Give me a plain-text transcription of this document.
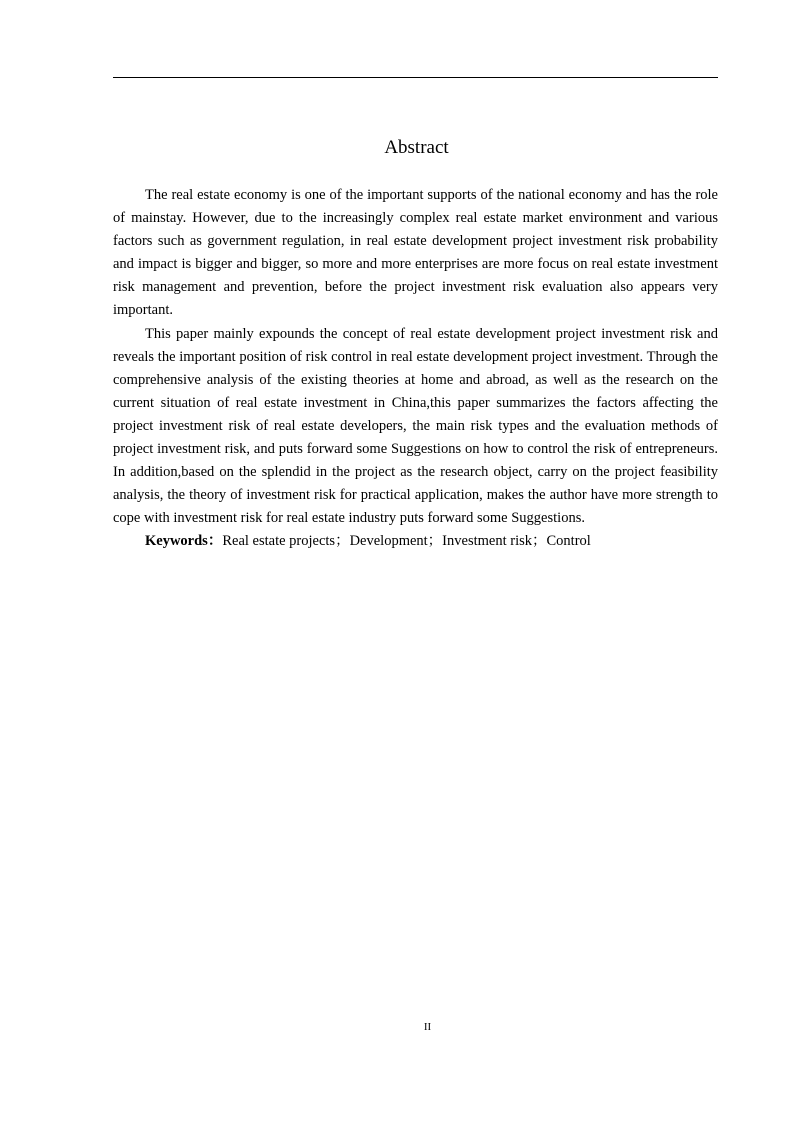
Abstract

The real estate economy is one of the important supports of the national economy and has the role of mainstay. However, due to the increasingly complex real estate market environment and various factors such as government regulation, in real estate development project investment risk probability and impact is bigger and bigger, so more and more enterprises are more focus on real estate investment risk management and prevention, before the project investment risk evaluation also appears very important.

This paper mainly expounds the concept of real estate development project investment risk and reveals the important position of risk control in real estate development project investment. Through the comprehensive analysis of the existing theories at home and abroad, as well as the research on the current situation of real estate investment in China,this paper summarizes the factors affecting the project investment risk of real estate developers, the main risk types and the evaluation methods of project investment risk, and puts forward some Suggestions on how to control the risk of entrepreneurs. In addition,based on the splendid in the project as the research object, carry on the project feasibility analysis, the theory of investment risk for practical application, makes the author have more strength to cope with investment risk for real estate industry puts forward some Suggestions.

Keywords：Real estate projects；Development；Investment risk；Control

II
